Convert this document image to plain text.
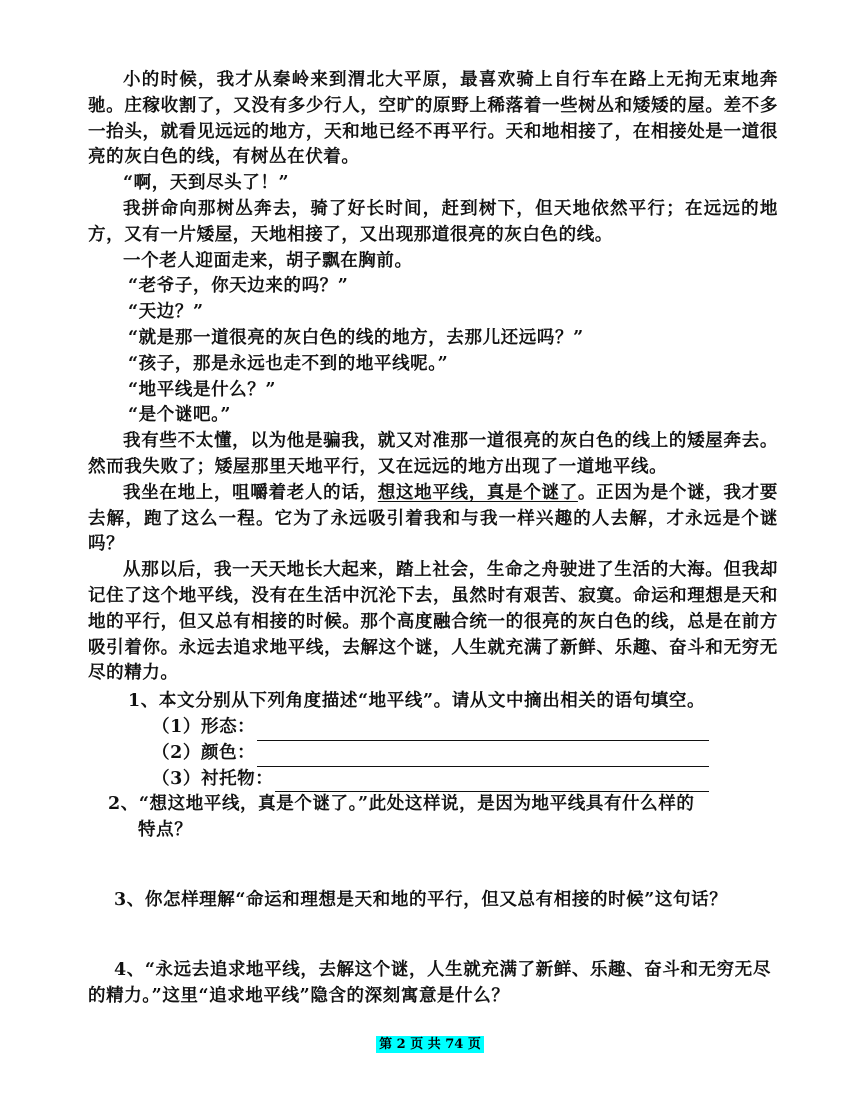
小的时候，我才从秦岭来到渭北大平原，最喜欢骑上自行车在路上无拘无束地奔驰。庄稼收割了，又没有多少行人，空旷的原野上稀落着一些树丛和矮矮的屋。差不多一抬头，就看见远远的地方，天和地已经不再平行。天和地相接了，在相接处是一道很亮的灰白色的线，有树丛在伏着。

“啊，天到尽头了！”

我拼命向那树丛奔去，骑了好长时间，赶到树下，但天地依然平行；在远远的地方，又有一片矮屋，天地相接了，又出现那道很亮的灰白色的线。

一个老人迎面走来，胡子飘在胸前。

“老爷子，你天边来的吗？”

“天边？”

“就是那一道很亮的灰白色的线的地方，去那儿还远吗？”

“孩子，那是永远也走不到的地平线呢。”

“地平线是什么？”

“是个谜吧。”

我有些不太懂，以为他是骗我，就又对准那一道很亮的灰白色的线上的矮屋奔去。然而我失败了；矮屋那里天地平行，又在远远的地方出现了一道地平线。

我坐在地上，咀嚼着老人的话，想这地平线，真是个谜了。正因为是个谜，我才要去解，跑了这么一程。它为了永远吸引着我和与我一样兴趣的人去解，才永远是个谜吗？

从那以后，我一天天地长大起来，踏上社会，生命之舟驶进了生活的大海。但我却记住了这个地平线，没有在生活中沉沦下去，虽然时有艰苦、寂寞。命运和理想是天和地的平行，但又总有相接的时候。那个高度融合统一的很亮的灰白色的线，总是在前方吸引着你。永远去追求地平线，去解这个谜，人生就充满了新鲜、乐趣、奋斗和无穷无尽的精力。

1、本文分别从下列角度描述“地平线”。请从文中摘出相关的语句填空。

（1）形态：

（2）颜色：

（3）衬托物：

2、“想这地平线，真是个谜了。”此处这样说，是因为地平线具有什么样的

特点？

3、你怎样理解“命运和理想是天和地的平行，但又总有相接的时候”这句话？

4、“永远去追求地平线，去解这个谜，人生就充满了新鲜、乐趣、奋斗和无穷无尽的精力。”这里“追求地平线”隐含的深刻寓意是什么？

第 2 页 共 74 页
